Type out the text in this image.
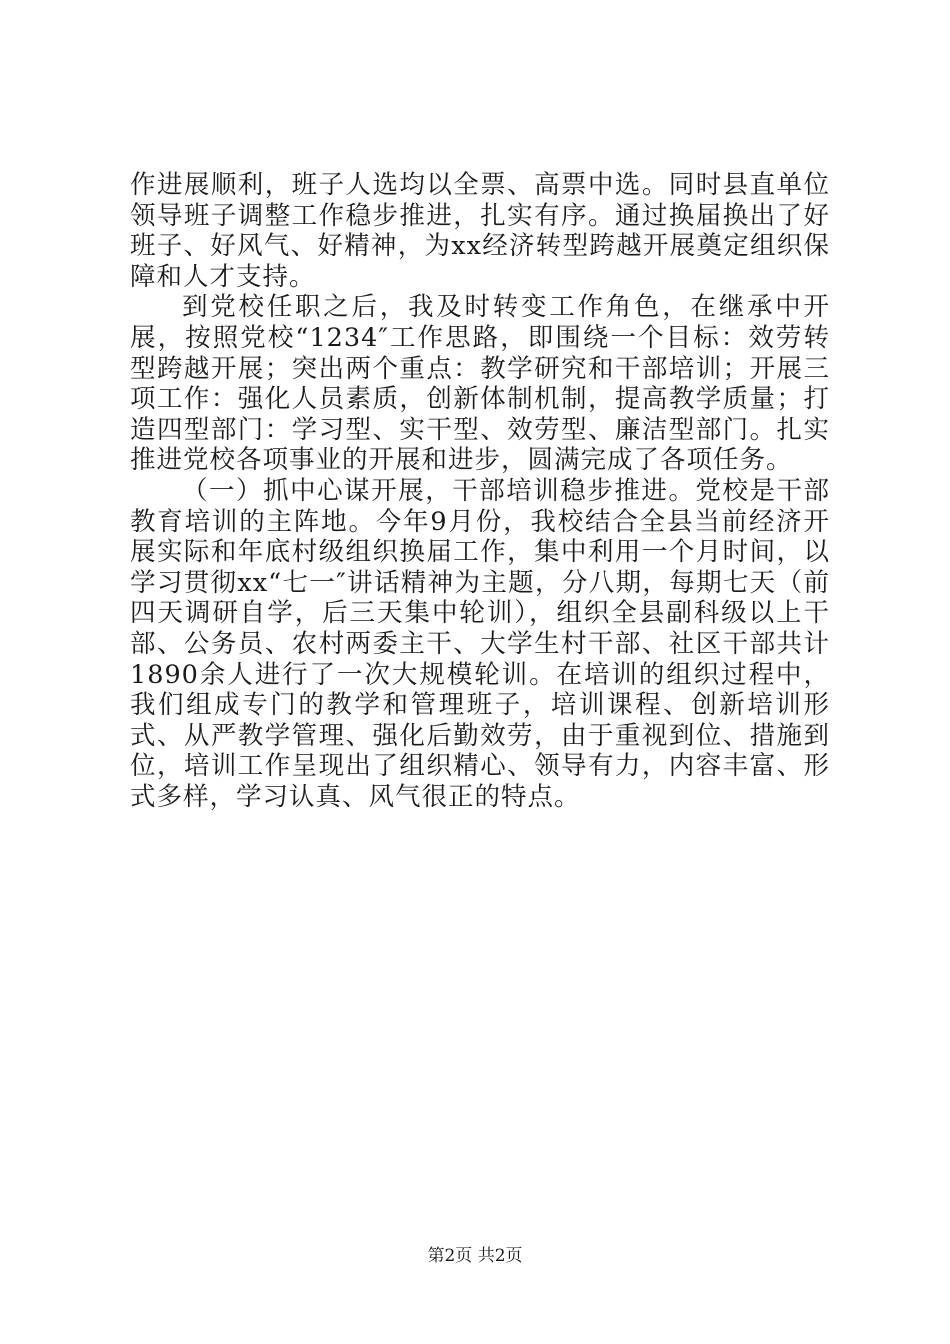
作进展顺利，班子人选均以全票、高票中选。同时县直单位领导班子调整工作稳步推进，扎实有序。通过换届换出了好班子、好风气、好精神，为xx经济转型跨越开展奠定组织保障和人才支持。

到党校任职之后，我及时转变工作角色，在继承中开展，按照党校“1234″工作思路，即围绕一个目标：效劳转型跨越开展；突出两个重点：教学研究和干部培训；开展三项工作：强化人员素质，创新体制机制，提高教学质量；打造四型部门：学习型、实干型、效劳型、廉洁型部门。扎实推进党校各项事业的开展和进步，圆满完成了各项任务。

（一）抓中心谋开展，干部培训稳步推进。党校是干部教育培训的主阵地。今年9月份，我校结合全县当前经济开展实际和年底村级组织换届工作，集中利用一个月时间，以学习贯彻xx“七一″讲话精神为主题，分八期，每期七天（前四天调研自学，后三天集中轮训），组织全县副科级以上干部、公务员、农村两委主干、大学生村干部、社区干部共计1890余人进行了一次大规模轮训。在培训的组织过程中，我们组成专门的教学和管理班子，培训课程、创新培训形式、从严教学管理、强化后勤效劳，由于重视到位、措施到位，培训工作呈现出了组织精心、领导有力，内容丰富、形式多样，学习认真、风气很正的特点。

第2页 共2页
